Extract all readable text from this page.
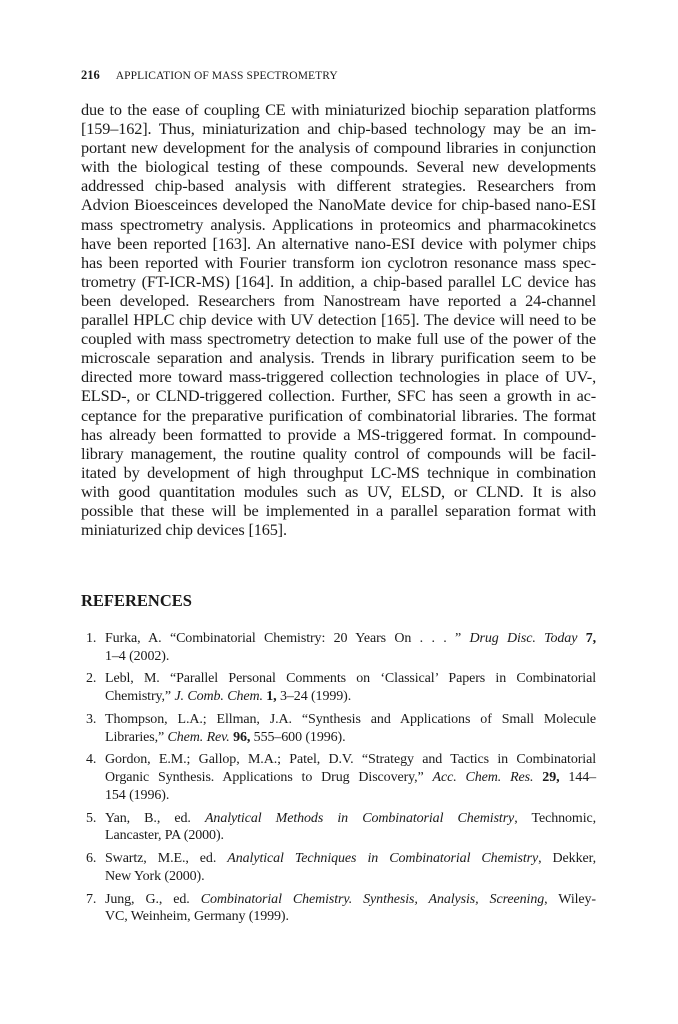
216 APPLICATION OF MASS SPECTROMETRY

due to the ease of coupling CE with miniaturized biochip separation platforms
[159–162]. Thus, miniaturization and chip-based technology may be an im-
portant new development for the analysis of compound libraries in conjunction
with the biological testing of these compounds. Several new developments
addressed chip-based analysis with different strategies. Researchers from
Advion Bioesceinces developed the NanoMate device for chip-based nano-ESI
mass spectrometry analysis. Applications in proteomics and pharmacokinetcs
have been reported [163]. An alternative nano-ESI device with polymer chips
has been reported with Fourier transform ion cyclotron resonance mass spec-
trometry (FT-ICR-MS) [164]. In addition, a chip-based parallel LC device has
been developed. Researchers from Nanostream have reported a 24-channel
parallel HPLC chip device with UV detection [165]. The device will need to be
coupled with mass spectrometry detection to make full use of the power of the
microscale separation and analysis. Trends in library purification seem to be
directed more toward mass-triggered collection technologies in place of UV-,
ELSD-, or CLND-triggered collection. Further, SFC has seen a growth in ac-
ceptance for the preparative purification of combinatorial libraries. The format
has already been formatted to provide a MS-triggered format. In compound-
library management, the routine quality control of compounds will be facil-
itated by development of high throughput LC-MS technique in combination
with good quantitation modules such as UV, ELSD, or CLND. It is also
possible that these will be implemented in a parallel separation format with
miniaturized chip devices [165].

REFERENCES
1. Furka, A. “Combinatorial Chemistry: 20 Years On . . . ” Drug Disc. Today 7,
1–4 (2002).
2. Lebl, M. “Parallel Personal Comments on ‘Classical’ Papers in Combinatorial
Chemistry,” J. Comb. Chem. 1, 3–24 (1999).
3. Thompson, L.A.; Ellman, J.A. “Synthesis and Applications of Small Molecule
Libraries,” Chem. Rev. 96, 555–600 (1996).
4. Gordon, E.M.; Gallop, M.A.; Patel, D.V. “Strategy and Tactics in Combinatorial
Organic Synthesis. Applications to Drug Discovery,” Acc. Chem. Res. 29, 144–
154 (1996).
5. Yan, B., ed. Analytical Methods in Combinatorial Chemistry, Technomic,
Lancaster, PA (2000).
6. Swartz, M.E., ed. Analytical Techniques in Combinatorial Chemistry, Dekker,
New York (2000).
7. Jung, G., ed. Combinatorial Chemistry. Synthesis, Analysis, Screening, Wiley-
VC, Weinheim, Germany (1999).
